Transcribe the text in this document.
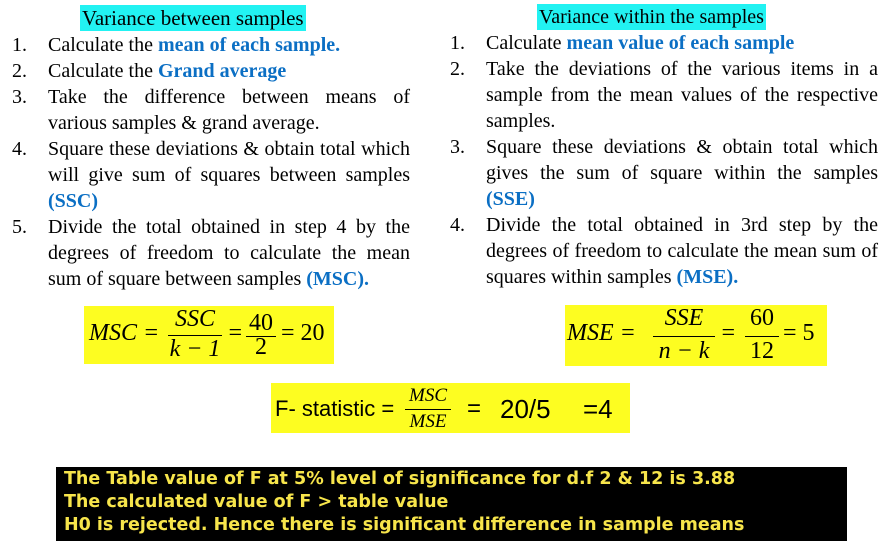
Variance between samples
1. Calculate the mean of each sample.
2. Calculate the Grand average
3. Take the difference between means of various samples & grand average.
4. Square these deviations & obtain total which will give sum of squares between samples (SSC)
5. Divide the total obtained in step 4 by the degrees of freedom to calculate the mean sum of square between samples (MSC).
Variance within the samples
1. Calculate mean value of each sample
2. Take the deviations of the various items in a sample from the mean values of the respective samples.
3. Square these deviations & obtain total which gives the sum of square within the samples (SSE)
4. Divide the total obtained in 3rd step by the degrees of freedom to calculate the mean sum of squares within samples (MSE).
MSC =
SSC
k − 1
= 40
2
= 20	MSE =
SSE
n − k
=
60
12
= 5
F- statistic =
MSC
MSE = 20/5 =4
The Table value of F at 5% level of significance for d.f 2 & 12 is 3.88
The calculated value of F > table value
H0 is rejected. Hence there is significant difference in sample means
